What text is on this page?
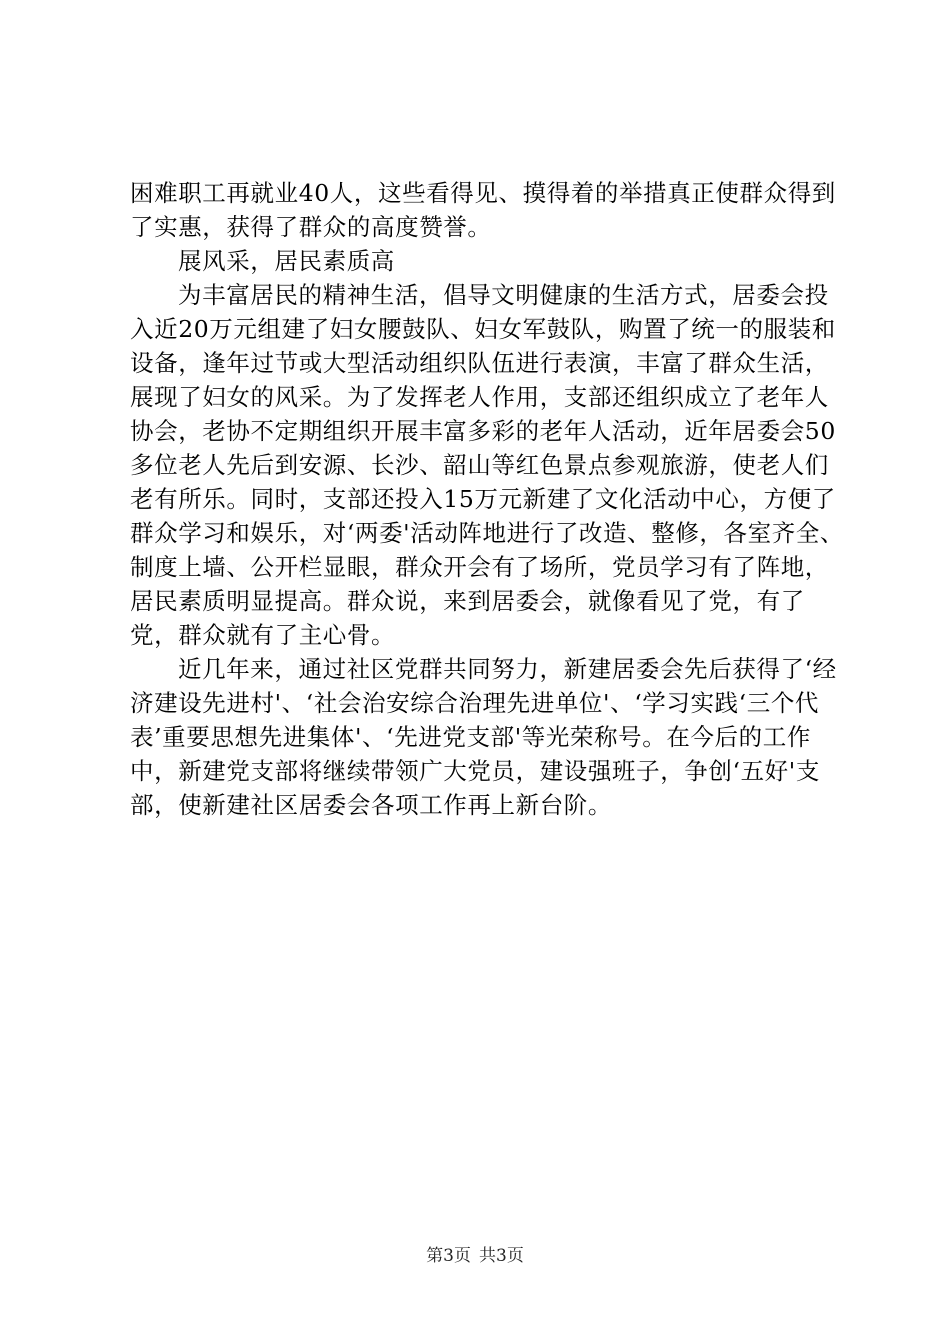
困难职工再就业40人，这些看得见、摸得着的举措真正使群众得到了实惠，获得了群众的高度赞誉。

展风采，居民素质高

为丰富居民的精神生活，倡导文明健康的生活方式，居委会投入近20万元组建了妇女腰鼓队、妇女军鼓队，购置了统一的服装和设备，逢年过节或大型活动组织队伍进行表演，丰富了群众生活，展现了妇女的风采。为了发挥老人作用，支部还组织成立了老年人协会，老协不定期组织开展丰富多彩的老年人活动，近年居委会50多位老人先后到安源、长沙、韶山等红色景点参观旅游，使老人们老有所乐。同时，支部还投入15万元新建了文化活动中心，方便了群众学习和娱乐，对‘两委'活动阵地进行了改造、整修，各室齐全、制度上墙、公开栏显眼，群众开会有了场所，党员学习有了阵地，居民素质明显提高。群众说，来到居委会，就像看见了党，有了党，群众就有了主心骨。

近几年来，通过社区党群共同努力，新建居委会先后获得了‘经济建设先进村'、‘社会治安综合治理先进单位'、‘学习实践‘三个代表’重要思想先进集体'、‘先进党支部'等光荣称号。在今后的工作中，新建党支部将继续带领广大党员，建设强班子，争创‘五好'支部，使新建社区居委会各项工作再上新台阶。

第3页 共3页
